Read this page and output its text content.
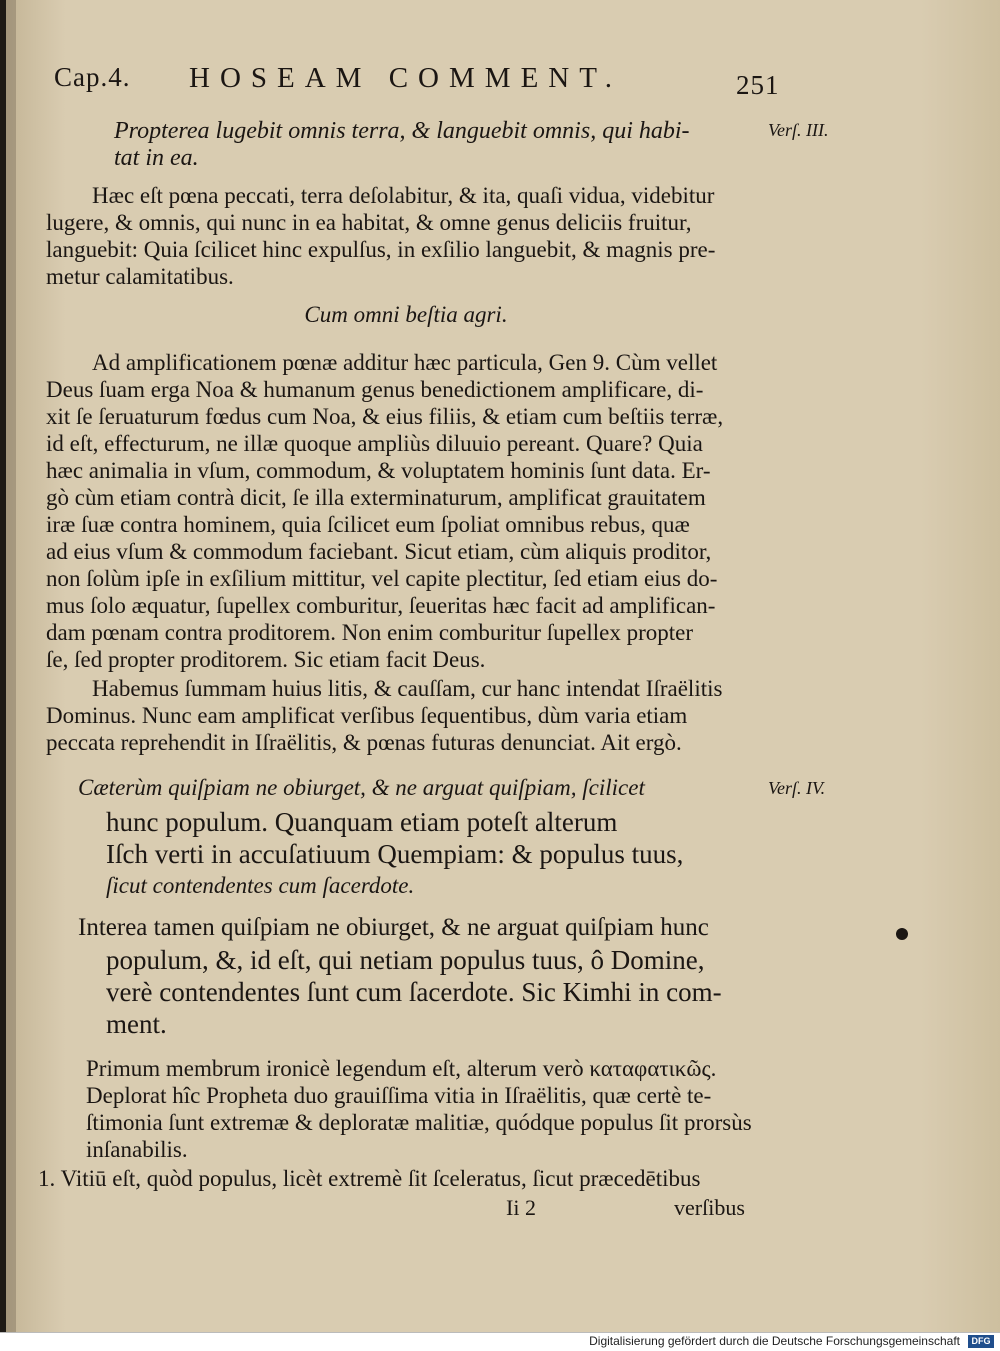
Cap.4. HOSEAM COMMENT.	251
Verſ. III.
Verſ. IV.
Propterea lugebit omnis terra, & languebit omnis, qui habi-
tat in ea.
Hæc eſt pœna peccati, terra deſolabitur, & ita, quaſi vidua, videbitur
lugere, & omnis, qui nunc in ea habitat, & omne genus deliciis fruitur,
languebit: Quia ſcilicet hinc expulſus, in exſilio languebit, & magnis pre-
metur calamitatibus.
Cum omni beſtia agri.
Ad amplificationem pœnæ additur hæc particula, Gen 9. Cùm vellet
Deus ſuam erga Noa & humanum genus benedictionem amplificare, di-
xit ſe ſeruaturum fœdus cum Noa, & eius filiis, & etiam cum beſtiis terræ,
id eſt, effecturum, ne illæ quoque ampliùs diluuio pereant. Quare? Quia
hæc animalia in vſum, commodum, & voluptatem hominis ſunt data. Er-
gò cùm etiam contrà dicit, ſe illa exterminaturum, amplificat grauitatem
iræ ſuæ contra hominem, quia ſcilicet eum ſpoliat omnibus rebus, quæ
ad eius vſum & commodum faciebant. Sicut etiam, cùm aliquis proditor,
non ſolùm ipſe in exſilium mittitur, vel capite plectitur, ſed etiam eius do-
mus ſolo æquatur, ſupellex comburitur, ſeueritas hæc facit ad amplifican-
dam pœnam contra proditorem. Non enim comburitur ſupellex propter
ſe, ſed propter proditorem. Sic etiam facit Deus.
Habemus ſummam huius litis, & cauſſam, cur hanc intendat Iſraëlitis
Dominus. Nunc eam amplificat verſibus ſequentibus, dùm varia etiam
peccata reprehendit in Iſraëlitis, & pœnas futuras denunciat. Ait ergò.
Cæterùm quiſpiam ne obiurget, & ne arguat quiſpiam, ſcilicet
hunc populum. Quanquam etiam poteſt alterum
Iſch verti in accuſatiuum Quempiam: & populus tuus,
ſicut contendentes cum ſacerdote.
Interea tamen quiſpiam ne obiurget, & ne arguat quiſpiam hunc
populum, &, id eſt, qui netiam populus tuus, ô Domine,
verè contendentes ſunt cum ſacerdote. Sic Kimhi in com-
ment.
Primum membrum ironicè legendum eſt, alterum verò καταφατικῶς.
Deplorat hîc Propheta duo grauiſſima vitia in Iſraëlitis, quæ certè te-
ſtimonia ſunt extremæ & deploratæ malitiæ, quódque populus ſit prorsùs
inſanabilis.
1. Vitiū eſt, quòd populus, licèt extremè ſit ſceleratus, ſicut præcedētibus
Ii 2	verſibus
Digitalisierung gefördert durch die Deutsche Forschungsgemeinschaft	DFG
